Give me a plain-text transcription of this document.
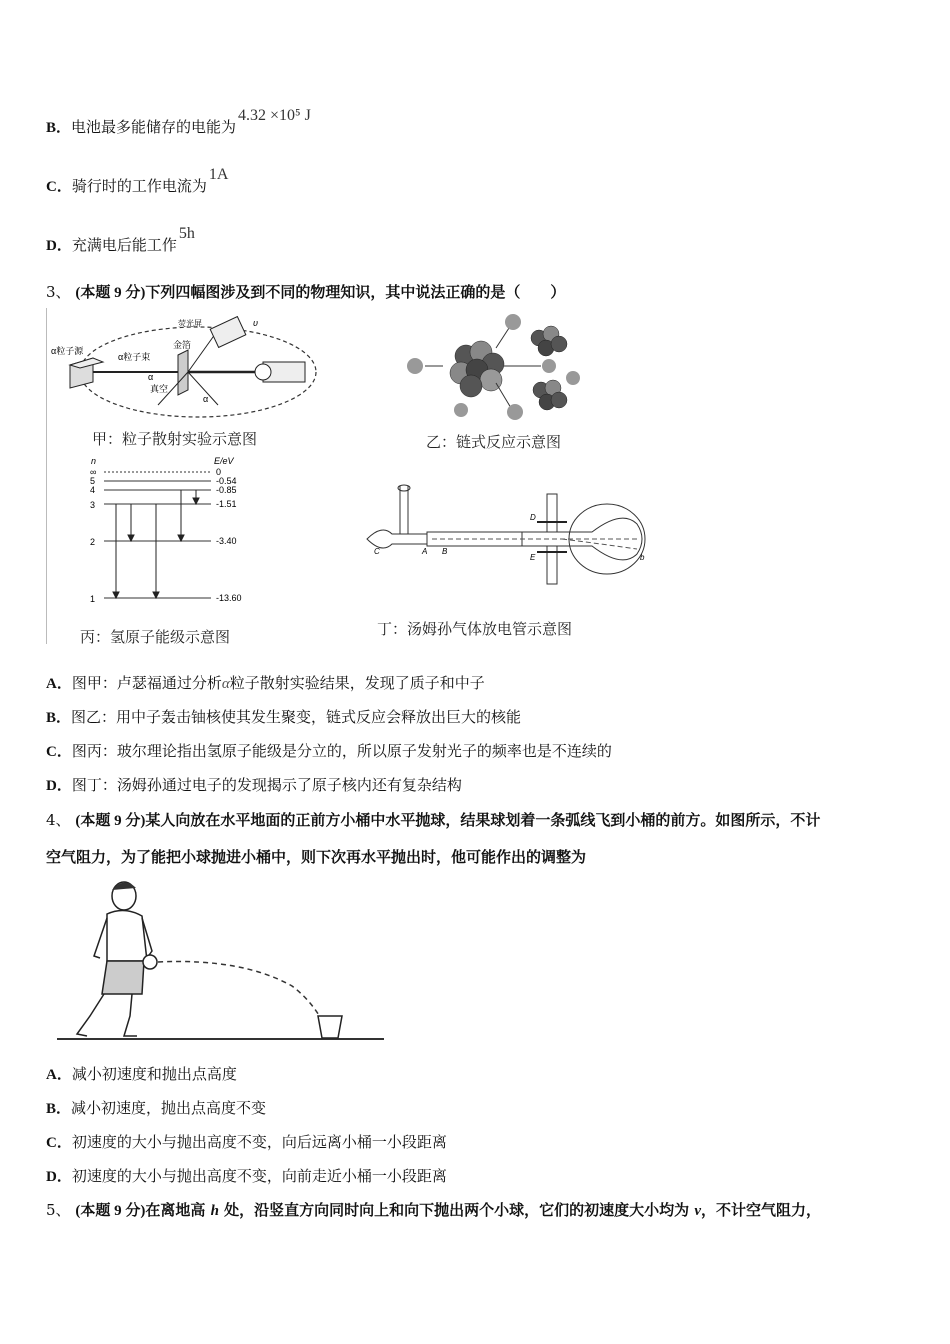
B．电池最多能储存的电能为4.32 ×10⁵ J
C．骑行时的工作电流为1A
D．充满电后能工作5h
3、 (本题 9 分)下列四幅图涉及到不同的物理知识，其中说法正确的是（　　）
α粒子源
α粒子束
荧光屏
金箔
真空
α
α
υ
甲：粒子散射实验示意图	乙：链式反应示意图
n	E/eV
∞
5
4
3
2
1
0
-0.54
-0.85
-1.51
-3.40
-13.60
丙：氢原子能级示意图
C	A B
D
E	b
丁：汤姆孙气体放电管示意图
A．图甲：卢瑟福通过分析α粒子散射实验结果，发现了质子和中子
B．图乙：用中子轰击铀核使其发生聚变，链式反应会释放出巨大的核能
C．图丙：玻尔理论指出氢原子能级是分立的，所以原子发射光子的频率也是不连续的
D．图丁：汤姆孙通过电子的发现揭示了原子核内还有复杂结构
4、 (本题 9 分)某人向放在水平地面的正前方小桶中水平抛球，结果球划着一条弧线飞到小桶的前方。如图所示，不计
空气阻力，为了能把小球抛进小桶中，则下次再水平抛出时，他可能作出的调整为
A．减小初速度和抛出点高度
B．减小初速度，抛出点高度不变
C．初速度的大小与抛出高度不变，向后远离小桶一小段距离
D．初速度的大小与抛出高度不变，向前走近小桶一小段距离
5、 (本题 9 分)在离地高 h 处，沿竖直方向同时向上和向下抛出两个小球，它们的初速度大小均为 v，不计空气阻力，
